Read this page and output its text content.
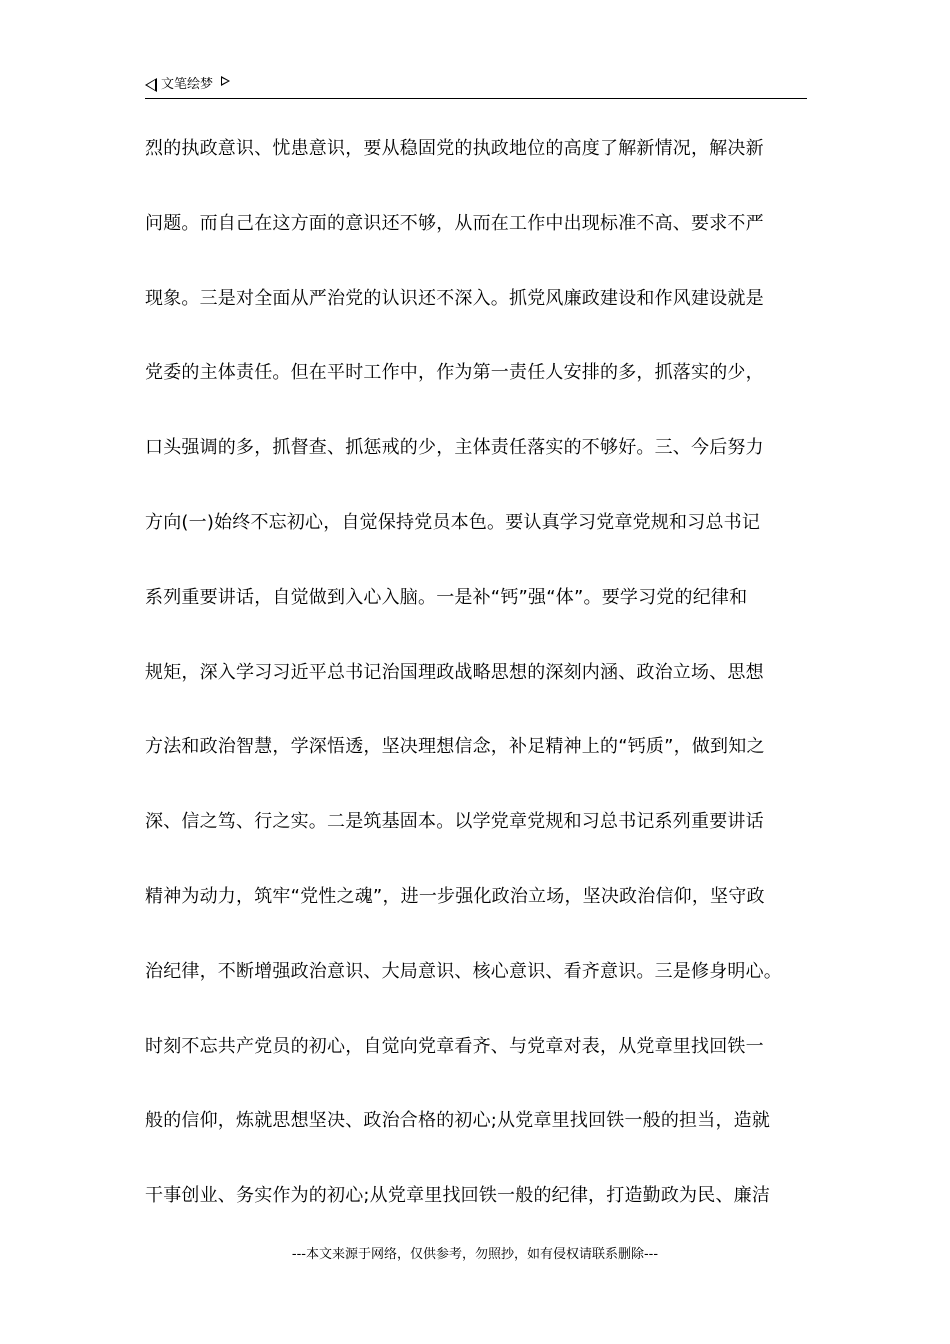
文笔绘梦
烈的执政意识、忧患意识，要从稳固党的执政地位的高度了解新情况，解决新
问题。而自己在这方面的意识还不够，从而在工作中出现标准不高、要求不严
现象。三是对全面从严治党的认识还不深入。抓党风廉政建设和作风建设就是
党委的主体责任。但在平时工作中，作为第一责任人安排的多，抓落实的少，
口头强调的多，抓督查、抓惩戒的少，主体责任落实的不够好。三、今后努力
方向(一)始终不忘初心，自觉保持党员本色。要认真学习党章党规和习总书记
系列重要讲话，自觉做到入心入脑。一是补“钙”强“体”。要学习党的纪律和
规矩，深入学习习近平总书记治国理政战略思想的深刻内涵、政治立场、思想
方法和政治智慧，学深悟透，坚决理想信念，补足精神上的“钙质”，做到知之
深、信之笃、行之实。二是筑基固本。以学党章党规和习总书记系列重要讲话
精神为动力，筑牢“党性之魂”，进一步强化政治立场，坚决政治信仰，坚守政
治纪律，不断增强政治意识、大局意识、核心意识、看齐意识。三是修身明心。
时刻不忘共产党员的初心，自觉向党章看齐、与党章对表，从党章里找回铁一
般的信仰，炼就思想坚决、政治合格的初心;从党章里找回铁一般的担当，造就
干事创业、务实作为的初心;从党章里找回铁一般的纪律，打造勤政为民、廉洁
---本文来源于网络，仅供参考，勿照抄，如有侵权请联系删除---
